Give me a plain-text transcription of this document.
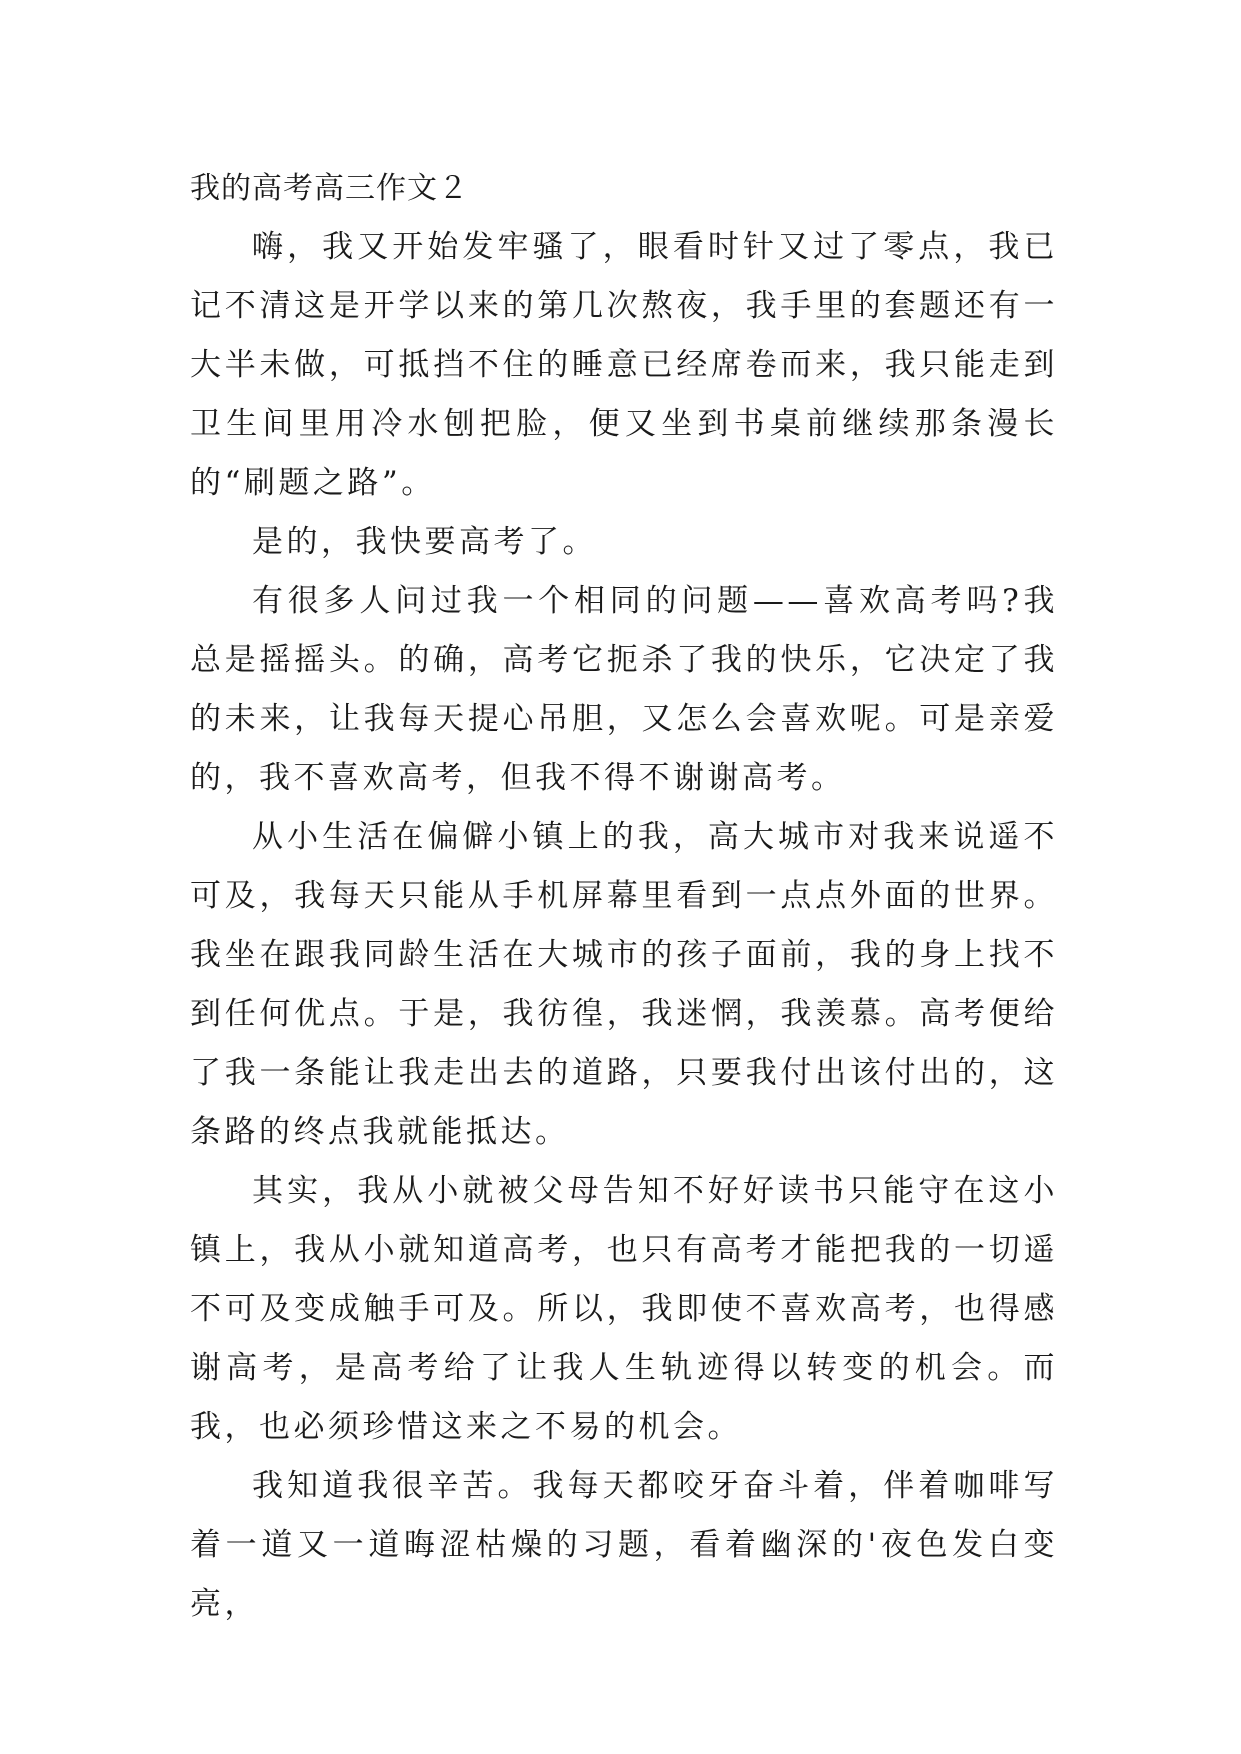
我的高考高三作文２

嗨，我又开始发牢骚了，眼看时针又过了零点，我已记不清这是开学以来的第几次熬夜，我手里的套题还有一大半未做，可抵挡不住的睡意已经席卷而来，我只能走到卫生间里用冷水刨把脸，便又坐到书桌前继续那条漫长的“刷题之路”。

是的，我快要高考了。

有很多人问过我一个相同的问题——喜欢高考吗?我总是摇摇头。的确，高考它扼杀了我的快乐，它决定了我的未来，让我每天提心吊胆，又怎么会喜欢呢。可是亲爱的，我不喜欢高考，但我不得不谢谢高考。

从小生活在偏僻小镇上的我，高大城市对我来说遥不可及，我每天只能从手机屏幕里看到一点点外面的世界。我坐在跟我同龄生活在大城市的孩子面前，我的身上找不到任何优点。于是，我彷徨，我迷惘，我羡慕。高考便给了我一条能让我走出去的道路，只要我付出该付出的，这条路的终点我就能抵达。

其实，我从小就被父母告知不好好读书只能守在这小镇上，我从小就知道高考，也只有高考才能把我的一切遥不可及变成触手可及。所以，我即使不喜欢高考，也得感谢高考，是高考给了让我人生轨迹得以转变的机会。而我，也必须珍惜这来之不易的机会。

我知道我很辛苦。我每天都咬牙奋斗着，伴着咖啡写着一道又一道晦涩枯燥的习题，看着幽深的'夜色发白变亮，
